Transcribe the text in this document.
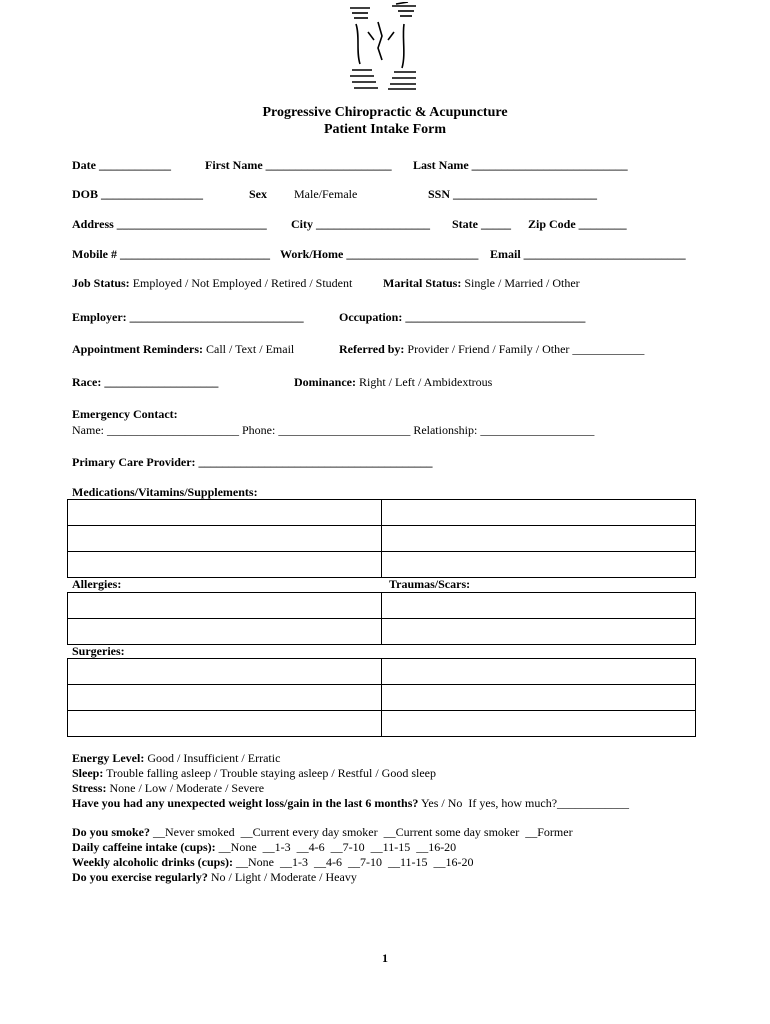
Progressive Chiropractic & Acupuncture
Patient Intake Form
Date ____________	First Name _____________________ Last Name __________________________
DOB _________________	Sex Male/Female	SSN ________________________
Address _________________________ City ___________________ State _____ Zip Code ________
Mobile # _________________________ Work/Home ______________________ Email ___________________________
Job Status: Employed / Not Employed / Retired / Student	Marital Status: Single / Married / Other
Employer: _____________________________	Occupation: ______________________________
Appointment Reminders: Call / Text / Email	Referred by: Provider / Friend / Family / Other ____________
Race: ___________________	Dominance: Right / Left / Ambidextrous
Emergency Contact:
Name: ______________________ Phone: ______________________ Relationship: ___________________
Primary Care Provider: _______________________________________
Medications/Vitamins/Supplements:

Allergies:	Traumas/Scars:

Surgeries:

Energy Level: Good / Insufficient / Erratic
Sleep: Trouble falling asleep / Trouble staying asleep / Restful / Good sleep
Stress: None / Low / Moderate / Severe
Have you had any unexpected weight loss/gain in the last 6 months? Yes / No  If yes, how much?____________
Do you smoke? __Never smoked  __Current every day smoker  __Current some day smoker  __Former
Daily caffeine intake (cups): __None  __1-3  __4-6  __7-10  __11-15  __16-20
Weekly alcoholic drinks (cups): __None  __1-3  __4-6  __7-10  __11-15  __16-20
Do you exercise regularly? No / Light / Moderate / Heavy
1
